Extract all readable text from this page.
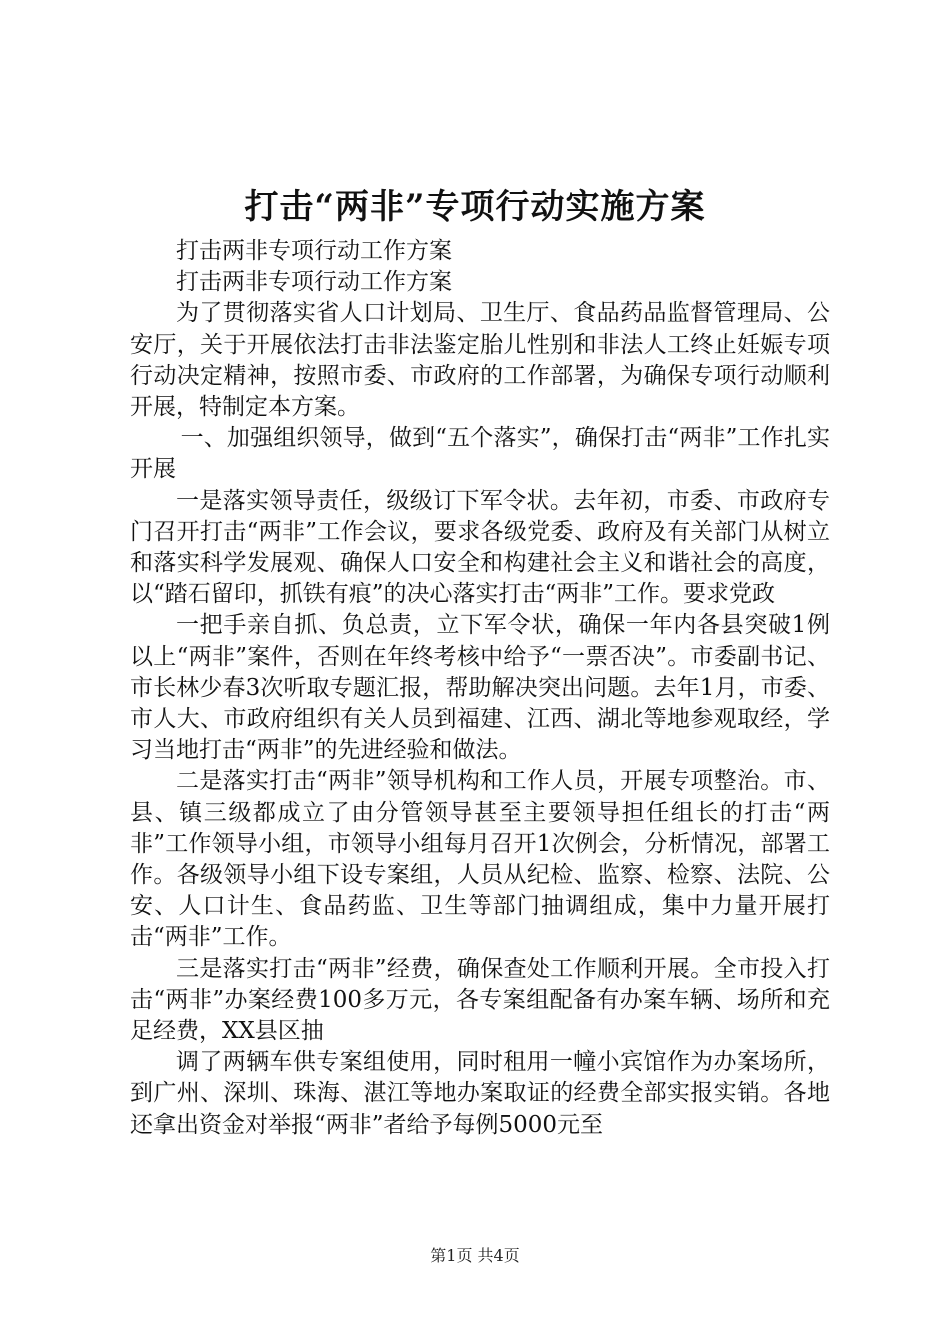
打击“两非”专项行动实施方案

打击两非专项行动工作方案

打击两非专项行动工作方案

为了贯彻落实省人口计划局、卫生厅、食品药品监督管理局、公安厅，关于开展依法打击非法鉴定胎儿性别和非法人工终止妊娠专项行动决定精神，按照市委、市政府的工作部署，为确保专项行动顺利开展，特制定本方案。

一、加强组织领导，做到“五个落实”，确保打击“两非”工作扎实开展

一是落实领导责任，级级订下军令状。去年初，市委、市政府专门召开打击“两非”工作会议，要求各级党委、政府及有关部门从树立和落实科学发展观、确保人口安全和构建社会主义和谐社会的高度，以“踏石留印，抓铁有痕”的决心落实打击“两非”工作。要求党政

一把手亲自抓、负总责，立下军令状，确保一年内各县突破1例以上“两非”案件，否则在年终考核中给予“一票否决”。市委副书记、市长林少春3次听取专题汇报，帮助解决突出问题。去年1月，市委、市人大、市政府组织有关人员到福建、江西、湖北等地参观取经，学习当地打击“两非”的先进经验和做法。

二是落实打击“两非”领导机构和工作人员，开展专项整治。市、县、镇三级都成立了由分管领导甚至主要领导担任组长的打击“两非”工作领导小组，市领导小组每月召开1次例会，分析情况，部署工作。各级领导小组下设专案组，人员从纪检、监察、检察、法院、公安、人口计生、食品药监、卫生等部门抽调组成，集中力量开展打击“两非”工作。

三是落实打击“两非”经费，确保查处工作顺利开展。全市投入打击“两非”办案经费100多万元，各专案组配备有办案车辆、场所和充足经费，XX县区抽

调了两辆车供专案组使用，同时租用一幢小宾馆作为办案场所，到广州、深圳、珠海、湛江等地办案取证的经费全部实报实销。各地还拿出资金对举报“两非”者给予每例5000元至

第1页 共4页
